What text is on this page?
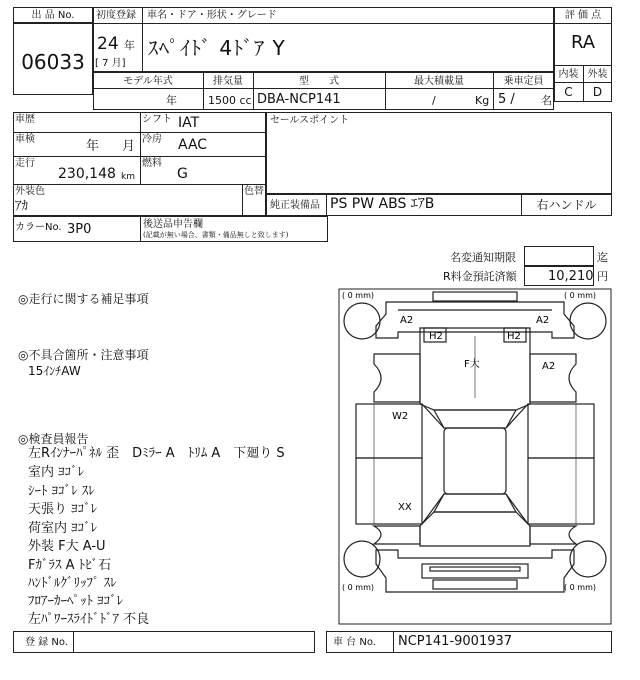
出 品 No.
06033
初度登録 車名・ドア・形状・グレード
24 年
[ 7 月]
ｽﾍﾟｲﾄﾞ 4ﾄﾞｱ Y
評 価 点
RA
内装 外装
C	D
モデル年式	排気量	型　　式	最大積載量	乗車定員
年	1500 cc DBA-NCP141	/	Kg 5 / 名
車歴	シフト IAT
車検	年 月 冷房 AAC
走行
230,148 km
燃料
G
外装色
ｱｶ
色替
カラーNo. 3P0	後送品申告欄
(記載が無い場合、書類・備品無しと致します)
セールスポイント
純正装備品 PS PW ABS ｴｱB	右ハンドル
名変通知期限	迄
R料金預託済額 10,210 円
◎走行に関する補足事項
◎不具合箇所・注意事項
15ｲﾝﾁAW
◎検査員報告
左Rｲﾝﾅｰﾊﾟﾈﾙ 歪　Dﾐﾗｰ A　ﾄﾘﾑ A　下廻り S
室内 ﾖｺﾞﾚ
ｼｰﾄ ﾖｺﾞﾚ ｽﾚ
天張り ﾖｺﾞﾚ
荷室内 ﾖｺﾞﾚ
外装 F大 A-U
Fｶﾞﾗｽ A ﾄﾋﾞ石
ﾊﾝﾄﾞﾙｸﾞﾘｯﾌﾟ ｽﾚ
ﾌﾛｱｰｶｰﾍﾟｯﾄ ﾖｺﾞﾚ
左ﾊﾟﾜｰｽﾗｲﾄﾞﾄﾞｱ 不良
( 0 mm)	( 0 mm)
( 0 mm)	( 0 mm)
A2	A2
H2	H2
F大	A2
W2
XX
登 録 No.	車 台 No. NCP141-9001937
